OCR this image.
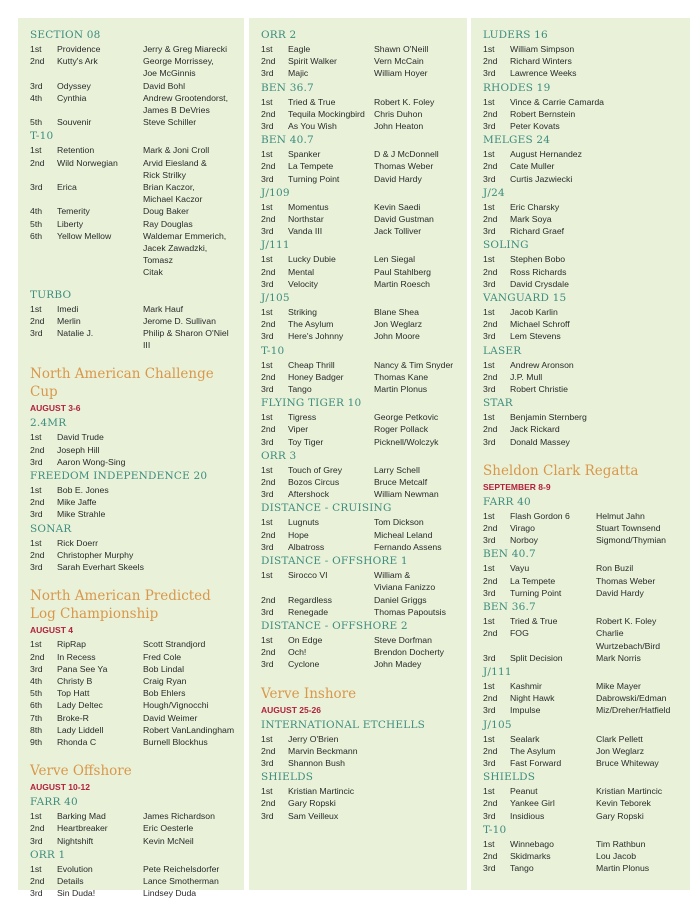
SECTION 08
1st	Providence	Jerry & Greg Miarecki
2nd	Kutty's Ark	George Morrissey,
Joe McGinnis
3rd	Odyssey	David Bohl
4th	Cynthia	Andrew Grootendorst,
James B DeVries
5th	Souvenir	Steve Schiller
T-10
1st	Retention	Mark & Joni Croll
2nd	Wild Norwegian	Arvid Eiesland &
Rick Strilky
3rd	Erica	Brian Kaczor,
Michael Kaczor
4th	Temerity	Doug Baker
5th	Liberty	Ray Douglas
6th	Yellow Mellow	Waldemar Emmerich,
Jacek Zawadzki, Tomasz
Citak
TURBO
1st	Imedi	Mark Hauf
2nd	Merlin	Jerome D. Sullivan
3rd	Natalie J.	Philip & Sharon O'Niel III
North American Challenge Cup
AUGUST 3-6
2.4MR
1st	David Trude
2nd	Joseph Hill
3rd	Aaron Wong-Sing
FREEDOM INDEPENDENCE 20
1st	Bob E. Jones
2nd	Mike Jaffe
3rd	Mike Strahle
SONAR
1st	Rick Doerr
2nd	Christopher Murphy
3rd	Sarah Everhart Skeels
North American Predicted Log Championship
AUGUST 4
1st	RipRap	Scott Strandjord
2nd	In Recess	Fred Cole
3rd	Pana See Ya	Bob Lindal
4th	Christy B	Craig Ryan
5th	Top Hatt	Bob Ehlers
6th	Lady Deltec	Hough/Vignocchi
7th	Broke-R	David Weimer
8th	Lady Liddell	Robert VanLandingham
9th	Rhonda C	Burnell Blockhus
Verve Offshore
AUGUST 10-12
FARR 40
1st	Barking Mad	James Richardson
2nd	Heartbreaker	Eric Oesterle
3rd	Nightshift	Kevin McNeil
ORR 1
1st	Evolution	Pete Reichelsdorfer
2nd	Details	Lance Smotherman
3rd	Sin Duda!	Lindsey Duda
ORR 2
1st	Eagle	Shawn O'Neill
2nd	Spirit Walker	Vern McCain
3rd	Majic	William Hoyer
BEN 36.7
1st	Tried & True	Robert K. Foley
2nd	Tequila Mockingbird	Chris Duhon
3rd	As You Wish	John Heaton
BEN 40.7
1st	Spanker	D & J McDonnell
2nd	La Tempete	Thomas Weber
3rd	Turning Point	David Hardy
J/109
1st	Momentus	Kevin Saedi
2nd	Northstar	David Gustman
3rd	Vanda III	Jack Tolliver
J/111
1st	Lucky Dubie	Len Siegal
2nd	Mental	Paul Stahlberg
3rd	Velocity	Martin Roesch
J/105
1st	Striking	Blane Shea
2nd	The Asylum	Jon Weglarz
3rd	Here's Johnny	John Moore
T-10
1st	Cheap Thrill	Nancy & Tim Snyder
2nd	Honey Badger	Thomas Kane
3rd	Tango	Martin Plonus
FLYING TIGER 10
1st	Tigress	George Petkovic
2nd	Viper	Roger Pollack
3rd	Toy Tiger	Picknell/Wolczyk
ORR 3
1st	Touch of Grey	Larry Schell
2nd	Bozos Circus	Bruce Metcalf
3rd	Aftershock	William Newman
DISTANCE - CRUISING
1st	Lugnuts	Tom Dickson
2nd	Hope	Micheal Leland
3rd	Albatross	Fernando Assens
DISTANCE - OFFSHORE 1
1st	Sirocco VI	William &
Viviana Fanizzo
2nd	Regardless	Daniel Griggs
3rd	Renegade	Thomas Papoutsis
DISTANCE - OFFSHORE 2
1st	On Edge	Steve Dorfman
2nd	Och!	Brendon Docherty
3rd	Cyclone	John Madey
Verve Inshore
AUGUST 25-26
INTERNATIONAL ETCHELLS
1st	Jerry O'Brien
2nd	Marvin Beckmann
3rd	Shannon Bush
SHIELDS
1st	Kristian Martincic
2nd	Gary Ropski
3rd	Sam Veilleux
LUDERS 16
1st	William Simpson
2nd	Richard Winters
3rd	Lawrence Weeks
RHODES 19
1st	Vince & Carrie Camarda
2nd	Robert Bernstein
3rd	Peter Kovats
MELGES 24
1st	August Hernandez
2nd	Cate Muller
3rd	Curtis Jazwiecki
J/24
1st	Eric Charsky
2nd	Mark Soya
3rd	Richard Graef
SOLING
1st	Stephen Bobo
2nd	Ross Richards
3rd	David Crysdale
VANGUARD 15
1st	Jacob Karlin
2nd	Michael Schroff
3rd	Lem Stevens
LASER
1st	Andrew Aronson
2nd	J.P. Mull
3rd	Robert Christie
STAR
1st	Benjamin Sternberg
2nd	Jack Rickard
3rd	Donald Massey
Sheldon Clark Regatta
SEPTEMBER 8-9
FARR 40
1st	Flash Gordon 6	Helmut Jahn
2nd	Virago	Stuart Townsend
3rd	Norboy	Sigmond/Thymian
BEN 40.7
1st	Vayu	Ron Buzil
2nd	La Tempete	Thomas Weber
3rd	Turning Point	David Hardy
BEN 36.7
1st	Tried & True	Robert K. Foley
2nd	FOG	Charlie Wurtzebach/Bird
3rd	Split Decision	Mark Norris
J/111
1st	Kashmir	Mike Mayer
2nd	Night Hawk	Dabrowski/Edman
3rd	Impulse	Miz/Dreher/Hatfield
J/105
1st	Sealark	Clark Pellett
2nd	The Asylum	Jon Weglarz
3rd	Fast Forward	Bruce Whiteway
SHIELDS
1st	Peanut	Kristian Martincic
2nd	Yankee Girl	Kevin Teborek
3rd	Insidious	Gary Ropski
T-10
1st	Winnebago	Tim Rathbun
2nd	Skidmarks	Lou Jacob
3rd	Tango	Martin Plonus
